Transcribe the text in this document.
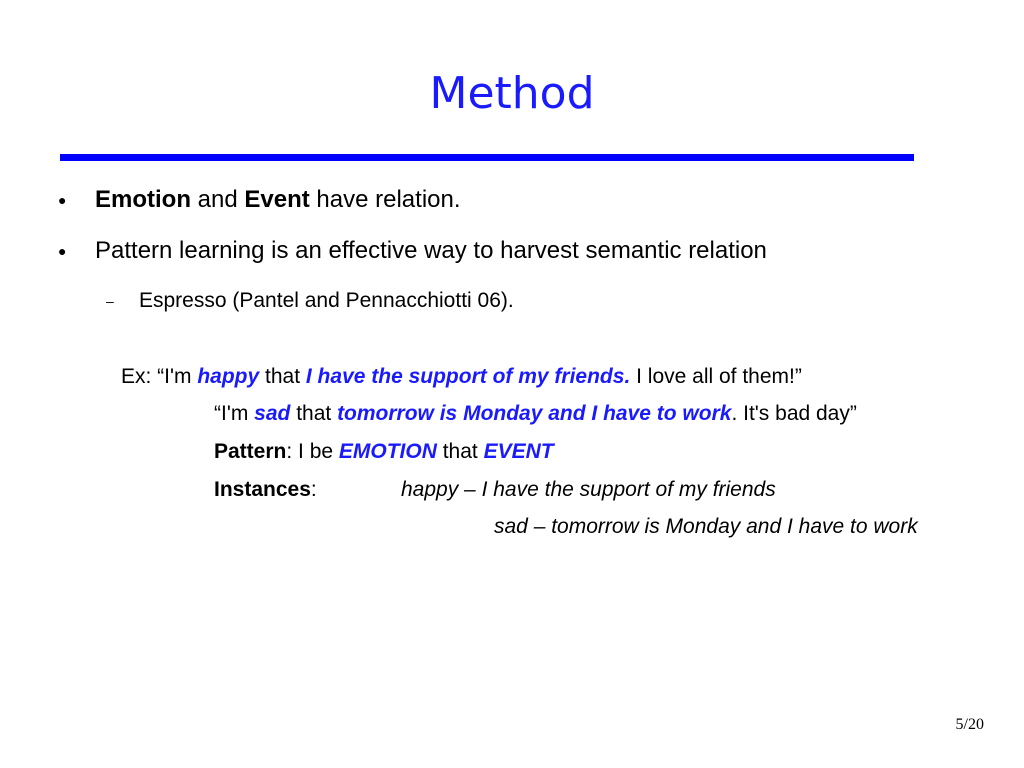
Method
● Emotion and Event have relation.
● Pattern learning is an effective way to harvest semantic relation
– Espresso (Pantel and Pennacchiotti 06).
Ex: “I'm happy that I have the support of my friends. I love all of them!”
“I'm sad that tomorrow is Monday and I have to work. It's bad day”
Pattern: I be EMOTION that EVENT
Instances:	happy – I have the support of my friends
sad – tomorrow is Monday and I have to work
5/20
